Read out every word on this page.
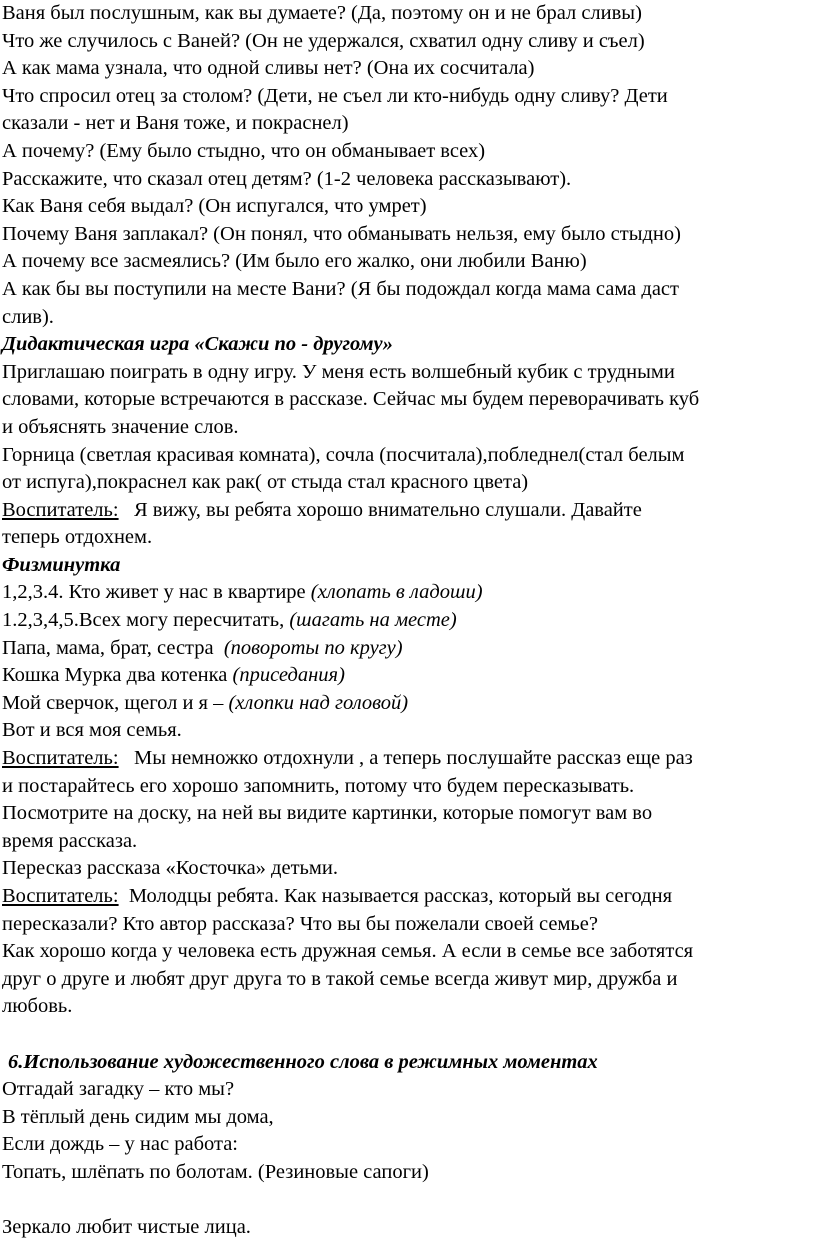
Ваня был послушным, как вы думаете? (Да, поэтому он и не брал сливы)
Что же случилось с Ваней? (Он не удержался, схватил одну сливу и съел)
А как мама узнала, что одной сливы нет? (Она их сосчитала)
Что спросил отец за столом? (Дети, не съел ли кто-нибудь одну сливу? Дети
сказали - нет и Ваня тоже, и покраснел)
А почему? (Ему было стыдно, что он обманывает всех)
Расскажите, что сказал отец детям? (1-2 человека рассказывают).
Как Ваня себя выдал? (Он испугался, что умрет)
Почему Ваня заплакал? (Он понял, что обманывать нельзя, ему было стыдно)
А почему все засмеялись? (Им было его жалко, они любили Ваню)
А как бы вы поступили на месте Вани? (Я бы подождал когда мама сама даст
слив).
Дидактическая игра «Скажи по - другому»
Приглашаю поиграть в одну игру. У меня есть волшебный кубик с трудными
словами, которые встречаются в рассказе. Сейчас мы будем переворачивать куб
и объяснять значение слов.
Горница (светлая красивая комната), сочла (посчитала),побледнел(стал белым
от испуга),покраснел как рак( от стыда стал красного цвета)
Воспитатель:   Я вижу, вы ребята хорошо внимательно слушали. Давайте
теперь отдохнем.
Физминутка
1,2,3.4. Кто живет у нас в квартире (хлопать в ладоши)
1.2,3,4,5.Всех могу пересчитать, (шагать на месте)
Папа, мама, брат, сестра  (повороты по кругу)
Кошка Мурка два котенка (приседания)
Мой сверчок, щегол и я – (хлопки над головой)
Вот и вся моя семья.
Воспитатель:   Мы немножко отдохнули , а теперь послушайте рассказ еще раз
и постарайтесь его хорошо запомнить, потому что будем пересказывать.
Посмотрите на доску, на ней вы видите картинки, которые помогут вам во
время рассказа.
Пересказ рассказа «Косточка» детьми.
Воспитатель:  Молодцы ребята. Как называется рассказ, который вы сегодня
пересказали? Кто автор рассказа? Что вы бы пожелали своей семье?
Как хорошо когда у человека есть дружная семья. А если в семье все заботятся
друг о друге и любят друг друга то в такой семье всегда живут мир, дружба и
любовь.
6.Использование художественного слова в режимных моментах
Отгадай загадку – кто мы?
В тёплый день сидим мы дома,
Если дождь – у нас работа:
Топать, шлёпать по болотам. (Резиновые сапоги)
Зеркало любит чистые лица.
